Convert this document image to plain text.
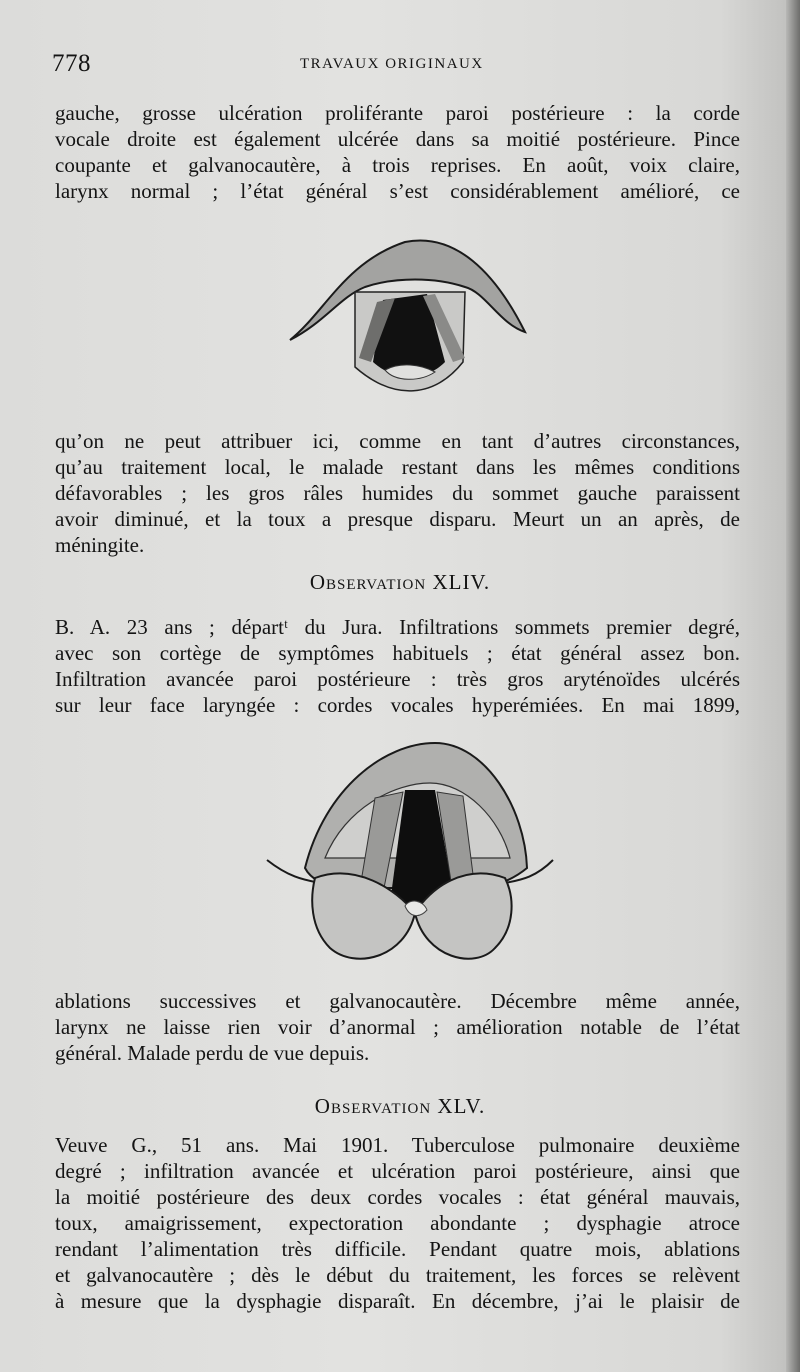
778	TRAVAUX ORIGINAUX
gauche, grosse ulcération proliférante paroi postérieure : la corde
vocale droite est également ulcérée dans sa moitié postérieure. Pince
coupante et galvanocautère, à trois reprises. En août, voix claire,
larynx normal ; l’état général s’est considérablement amélioré, ce
qu’on ne peut attribuer ici, comme en tant d’autres circonstances,
qu’au traitement local, le malade restant dans les mêmes conditions
défavorables ; les gros râles humides du sommet gauche paraissent
avoir diminué, et la toux a presque disparu. Meurt un an après, de
méningite.
Observation XLIV.
B. A. 23 ans ; départᵗ du Jura. Infiltrations sommets premier degré,
avec son cortège de symptômes habituels ; état général assez bon.
Infiltration avancée paroi postérieure : très gros aryténoïdes ulcérés
sur leur face laryngée : cordes vocales hyperémiées. En mai 1899,
ablations successives et galvanocautère. Décembre même année,
larynx ne laisse rien voir d’anormal ; amélioration notable de l’état
général. Malade perdu de vue depuis.
Observation XLV.
Veuve G., 51 ans. Mai 1901. Tuberculose pulmonaire deuxième
degré ; infiltration avancée et ulcération paroi postérieure, ainsi que
la moitié postérieure des deux cordes vocales : état général mauvais,
toux, amaigrissement, expectoration abondante ; dysphagie atroce
rendant l’alimentation très difficile. Pendant quatre mois, ablations
et galvanocautère ; dès le début du traitement, les forces se relèvent
à mesure que la dysphagie disparaît. En décembre, j’ai le plaisir de
